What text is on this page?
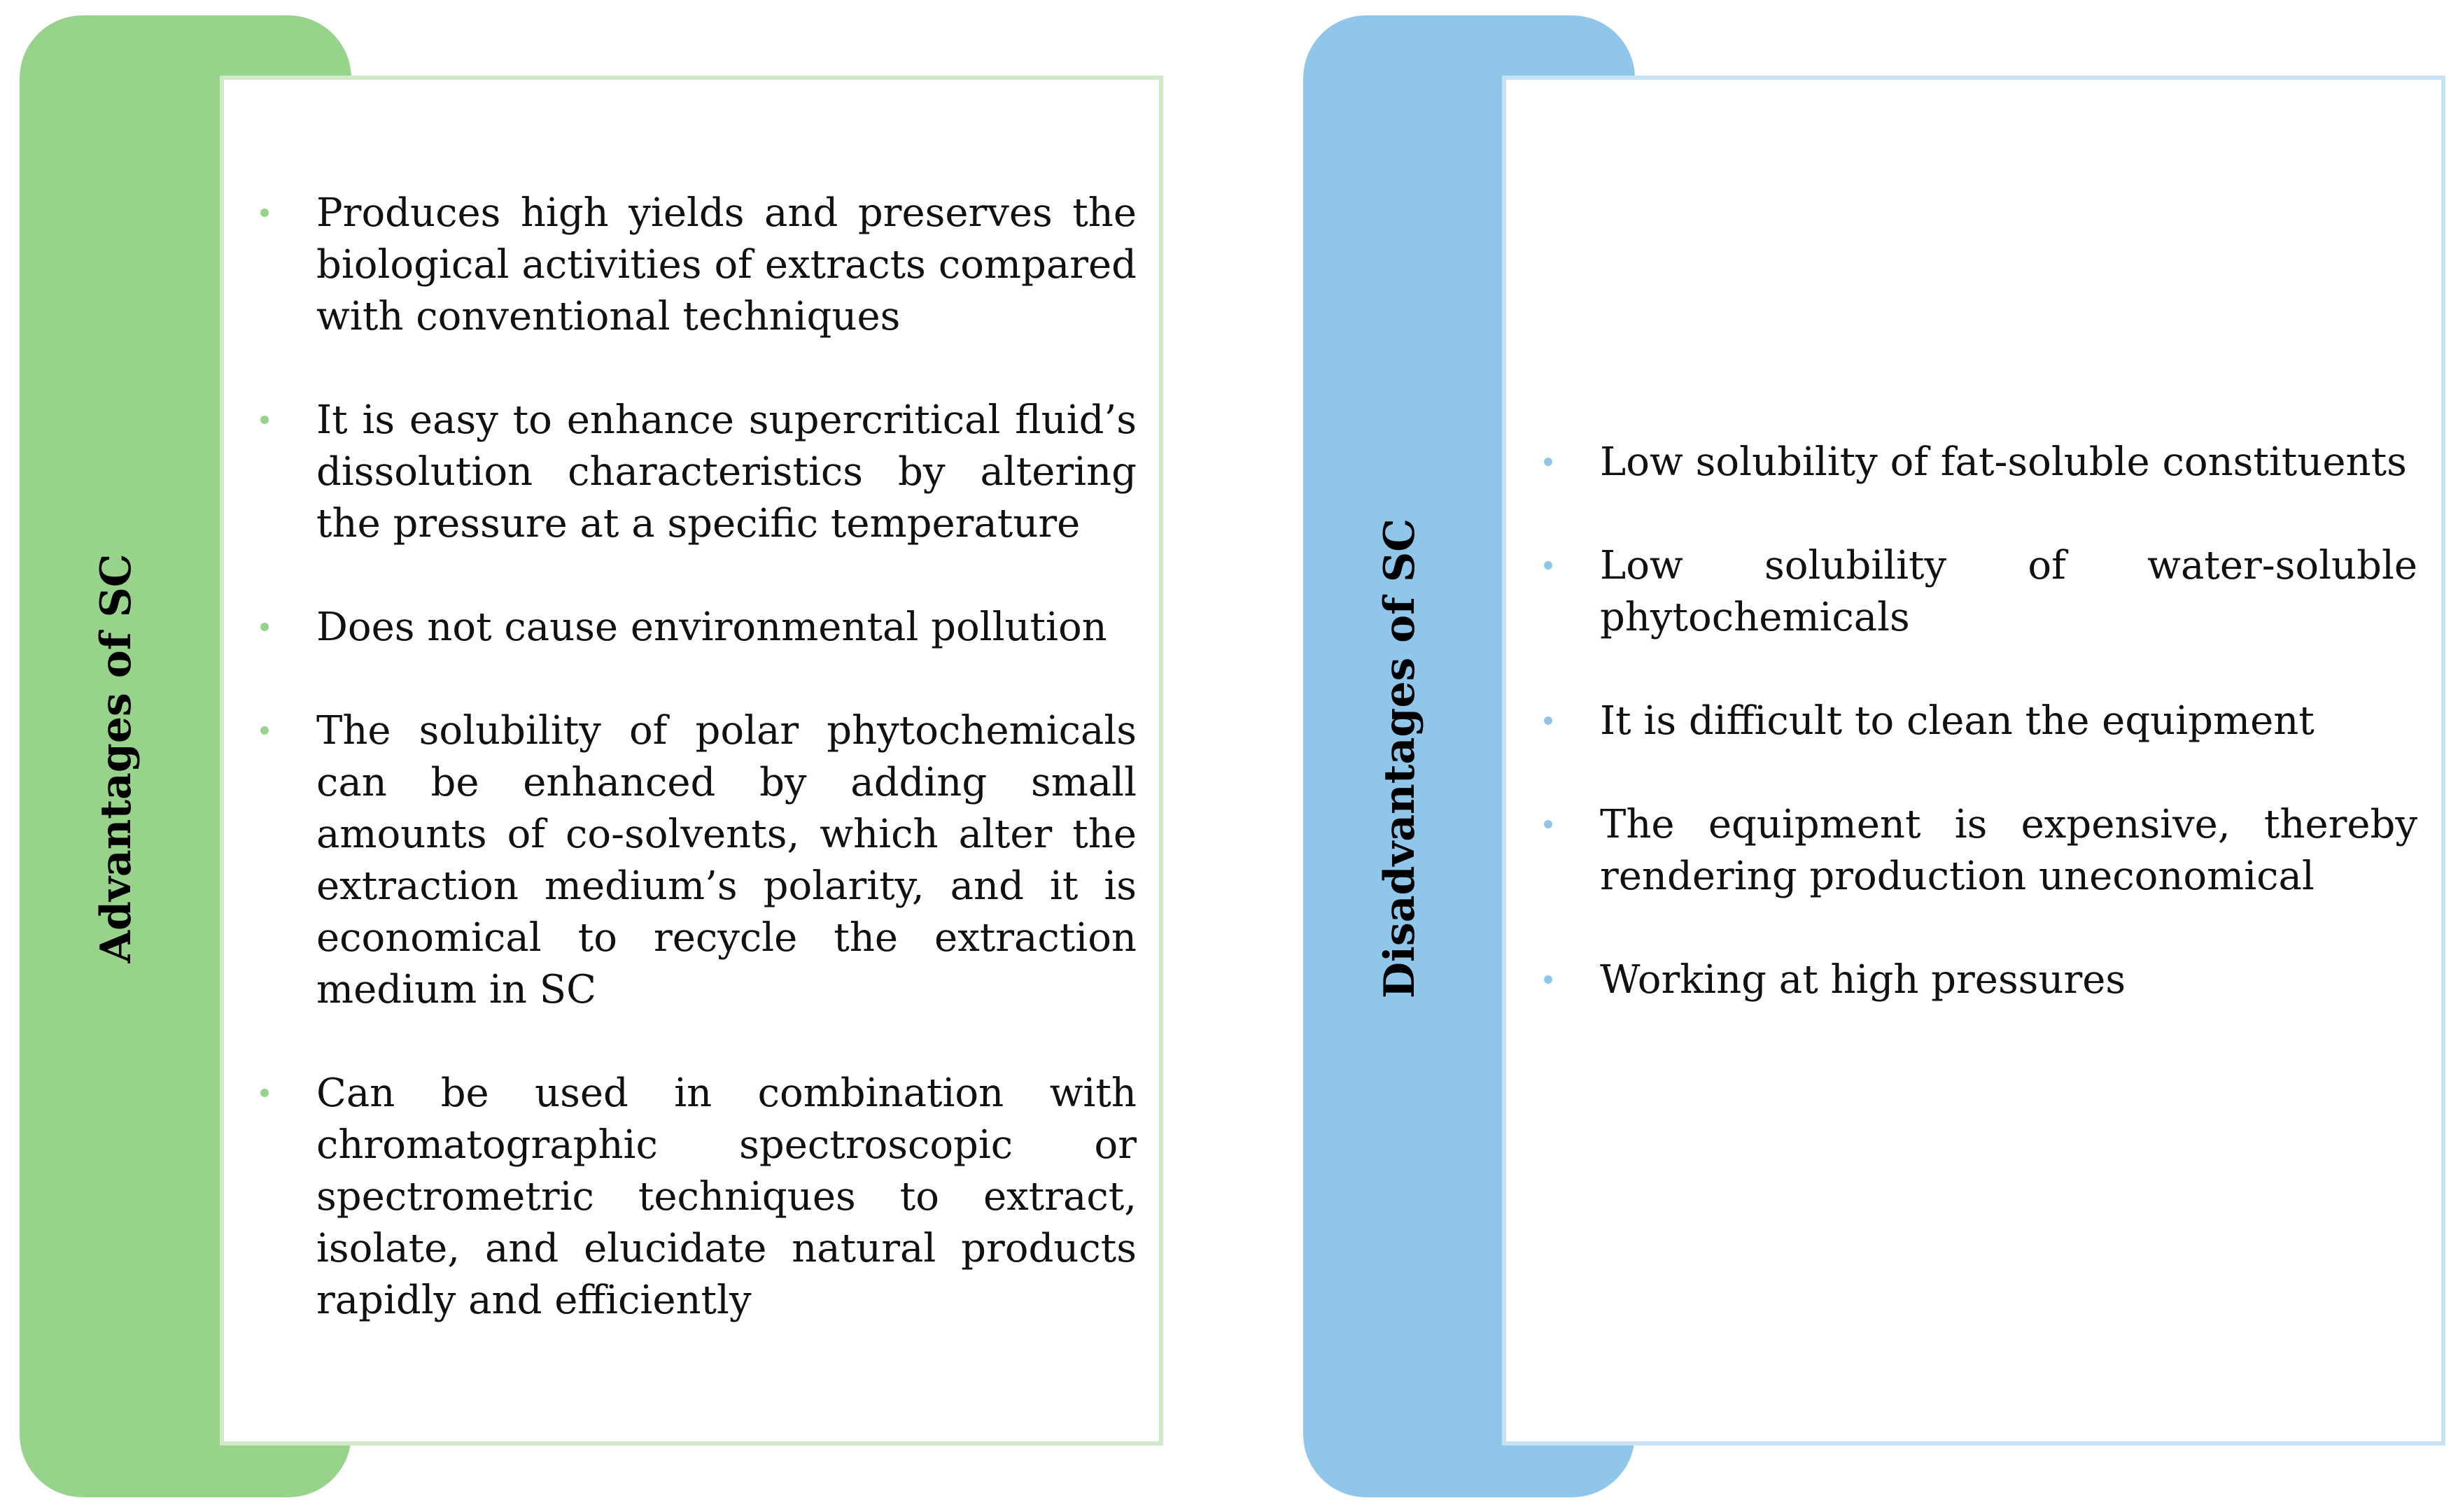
Advantages of SC
Produces high yields and preserves the biological activities of extracts compared with conventional techniques
It is easy to enhance supercritical fluid’s dissolution characteristics by altering the pressure at a specific temperature
Does not cause environmental pollution
The solubility of polar phytochemicals can be enhanced by adding small amounts of co-solvents, which alter the extraction medium’s polarity, and it is economical to recycle the extraction medium in SC
Can be used in combination with chromatographic spectroscopic or spectrometric techniques to extract, isolate, and elucidate natural products rapidly and efficiently
Disadvantages of SC
Low solubility of fat-soluble constituents
Low solubility of water-soluble phytochemicals
It is difficult to clean the equipment
The equipment is expensive, thereby rendering production uneconomical
Working at high pressures
